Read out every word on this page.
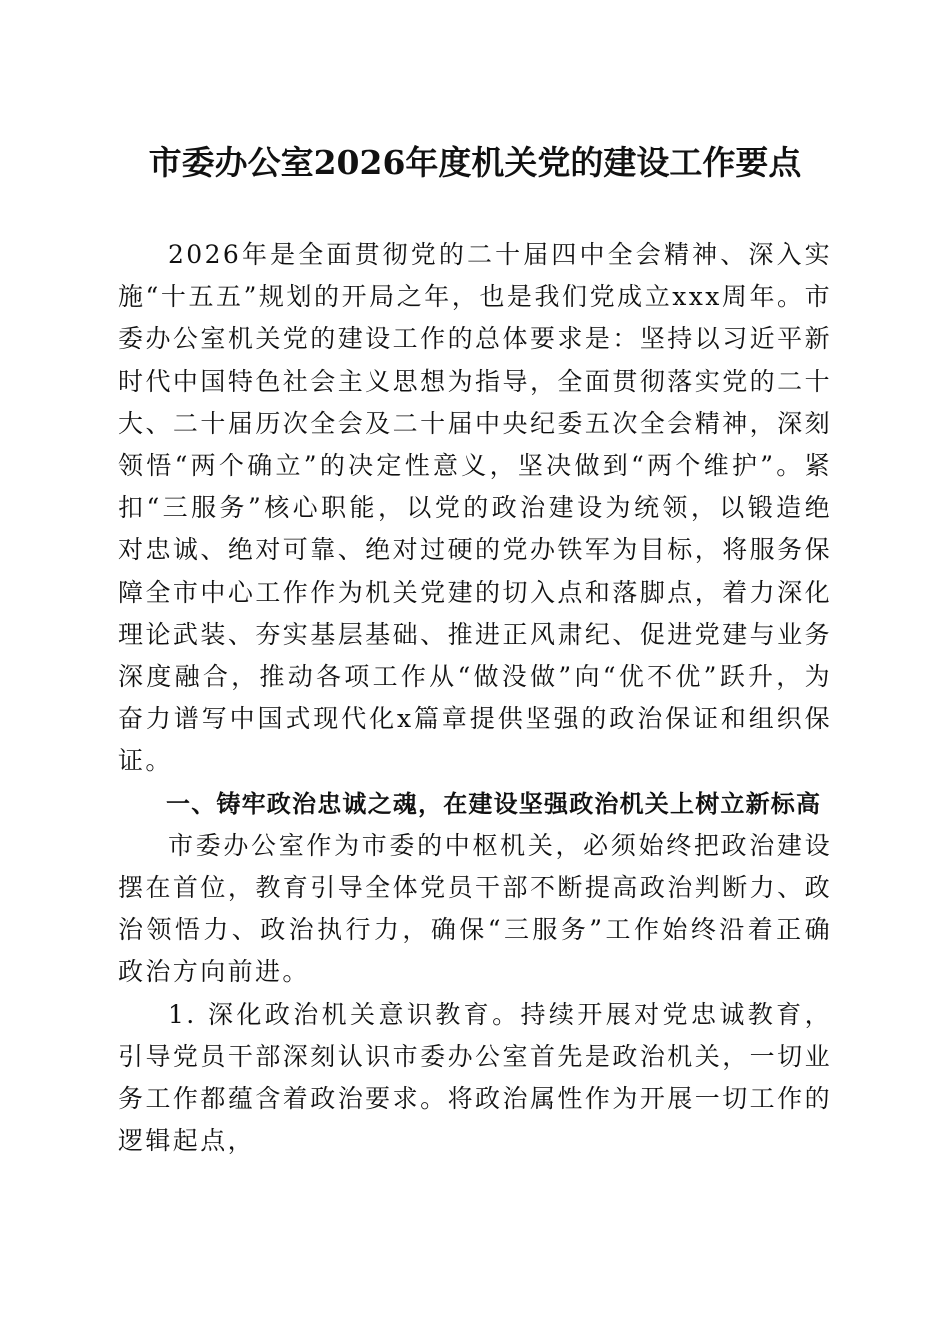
市委办公室2026年度机关党的建设工作要点

2026年是全面贯彻党的二十届四中全会精神、深入实施“十五五”规划的开局之年，也是我们党成立xxx周年。市委办公室机关党的建设工作的总体要求是：坚持以习近平新时代中国特色社会主义思想为指导，全面贯彻落实党的二十大、二十届历次全会及二十届中央纪委五次全会精神，深刻领悟“两个确立”的决定性意义，坚决做到“两个维护”。紧扣“三服务”核心职能，以党的政治建设为统领，以锻造绝对忠诚、绝对可靠、绝对过硬的党办铁军为目标，将服务保障全市中心工作作为机关党建的切入点和落脚点，着力深化理论武装、夯实基层基础、推进正风肃纪、促进党建与业务深度融合，推动各项工作从“做没做”向“优不优”跃升，为奋力谱写中国式现代化x篇章提供坚强的政治保证和组织保证。

一、铸牢政治忠诚之魂，在建设坚强政治机关上树立新标高

市委办公室作为市委的中枢机关，必须始终把政治建设摆在首位，教育引导全体党员干部不断提高政治判断力、政治领悟力、政治执行力，确保“三服务”工作始终沿着正确政治方向前进。

1. 深化政治机关意识教育。持续开展对党忠诚教育，引导党员干部深刻认识市委办公室首先是政治机关，一切业务工作都蕴含着政治要求。将政治属性作为开展一切工作的逻辑起点，
